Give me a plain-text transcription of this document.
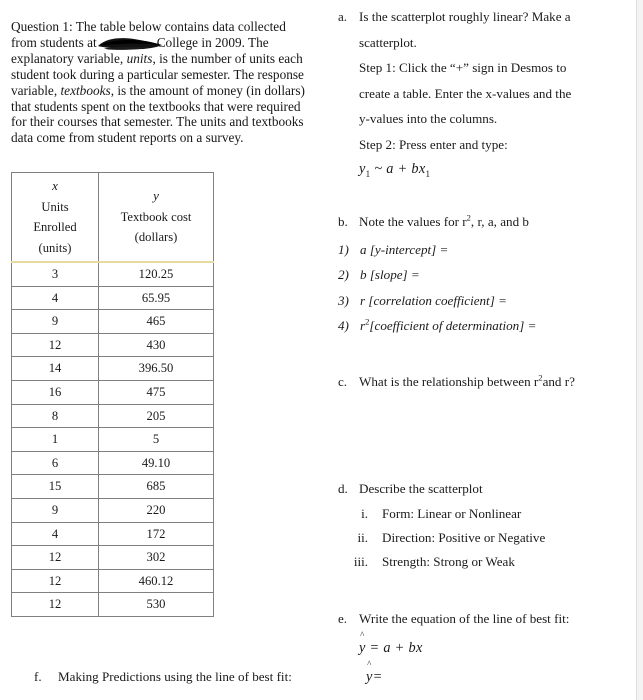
Question 1: The table below contains data collected from students at	College in 2009. The explanatory variable, units, is the number of units each student took during a particular semester. The response variable, textbooks, is the amount of money (in dollars) that students spent on the textbooks that were required for their courses that semester. The units and textbooks data come from student reports on a survey.

x
Units
Enrolled
(units)	y
Textbook cost
(dollars)
3	120.25
4	65.95
9	465
12	430
14	396.50
16	475
8	205
1	5
6	49.10
15	685
9	220
4	172
12	302
12	460.12
12	530
a. Is the scatterplot roughly linear? Make a
scatterplot.
Step 1: Click the “+” sign in Desmos to
create a table. Enter the x-values and the
y-values into the columns.
Step 2: Press enter and type:
$y_1$ ~ $a + bx_1$
b. Note the values for $r^2$, r, a, and b
1) a [y-intercept] =
2) b [slope] =
3) r [correlation coefficient] =
4) $r^2[coefficient$ of determination] =
c. What is the relationship between $r^2and$ r?
d. Describe the scatterplot
i. Form: Linear or Nonlinear
ii. Direction: Positive or Negative
iii. Strength: Strong or Weak
e. Write the equation of the line of best fit:
^
y = a + bx
^
y=
f.	Making Predictions using the line of best fit:
